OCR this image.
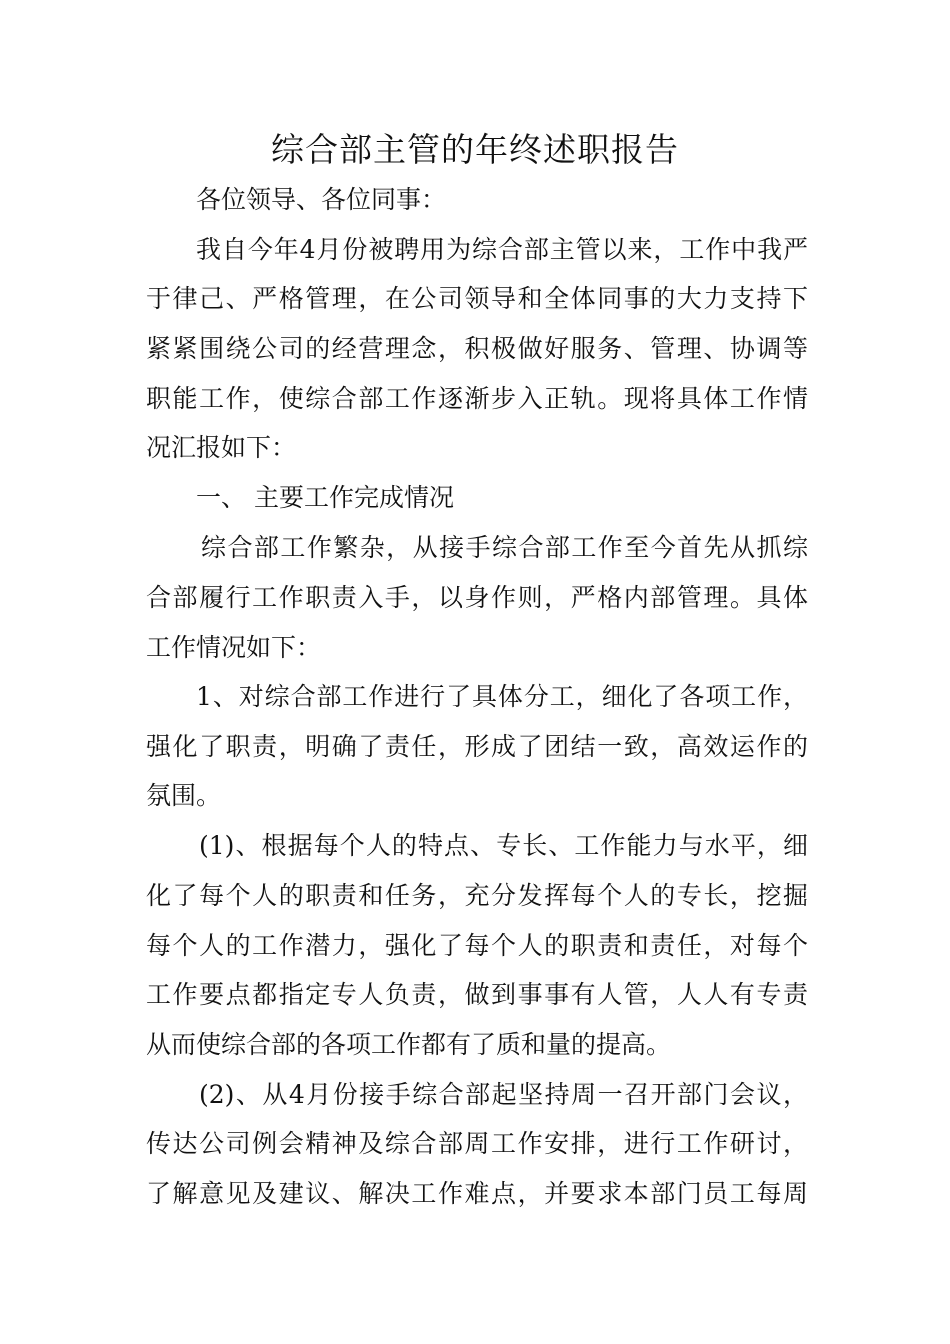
综合部主管的年终述职报告
各位领导、各位同事：
我自今年4月份被聘用为综合部主管以来，工作中我严
于律己、严格管理，在公司领导和全体同事的大力支持下
紧紧围绕公司的经营理念，积极做好服务、管理、协调等
职能工作，使综合部工作逐渐步入正轨。现将具体工作情
况汇报如下：
一、 主要工作完成情况
综合部工作繁杂，从接手综合部工作至今首先从抓综
合部履行工作职责入手，以身作则，严格内部管理。具体
工作情况如下：
1、对综合部工作进行了具体分工，细化了各项工作，
强化了职责，明确了责任，形成了团结一致，高效运作的
氛围。
(1)、根据每个人的特点、专长、工作能力与水平，细
化了每个人的职责和任务，充分发挥每个人的专长，挖掘
每个人的工作潜力，强化了每个人的职责和责任，对每个
工作要点都指定专人负责，做到事事有人管，人人有专责
从而使综合部的各项工作都有了质和量的提高。
(2)、从4月份接手综合部起坚持周一召开部门会议，
传达公司例会精神及综合部周工作安排，进行工作研讨，
了解意见及建议、解决工作难点，并要求本部门员工每周
